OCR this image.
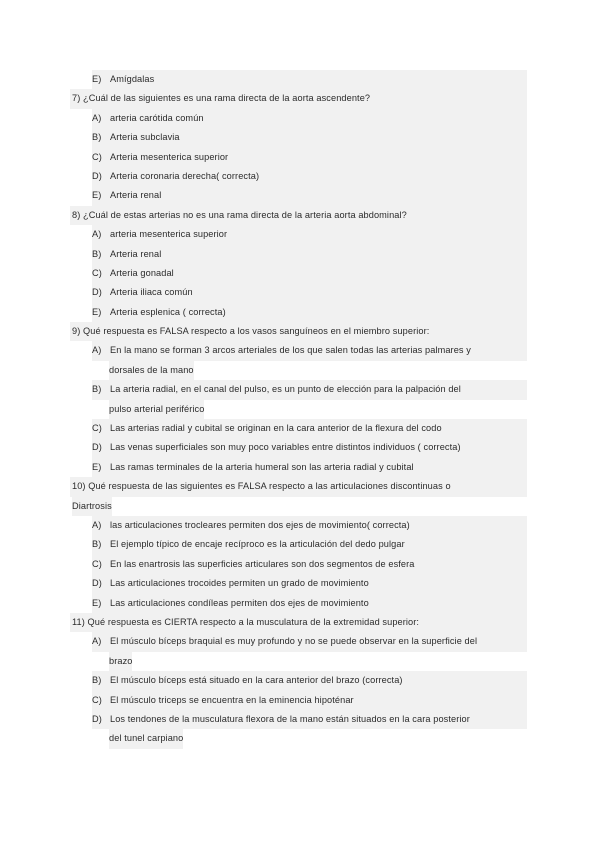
E) Amígdalas
7) ¿Cuál de las siguientes es una rama directa de la aorta ascendente?
A) arteria carótida común
B) Arteria subclavia
C) Arteria mesenterica superior
D) Arteria coronaria derecha( correcta)
E) Arteria renal
8) ¿Cuál de estas arterias no es una rama directa de la arteria aorta abdominal?
A) arteria mesenterica superior
B) Arteria renal
C) Arteria gonadal
D) Arteria iliaca común
E) Arteria esplenica ( correcta)
9) Qué respuesta es FALSA respecto a los vasos sanguíneos en el miembro superior:
A) En la mano se forman 3 arcos arteriales de los que salen todas las arterias palmares y
dorsales de la mano
B) La arteria radial, en el canal del pulso, es un punto de elección para la palpación del
pulso arterial periférico
C) Las arterias radial y cubital se originan en la cara anterior de la flexura del codo
D) Las venas superficiales son muy poco variables entre distintos individuos ( correcta)
E) Las ramas terminales de la arteria humeral son las arteria radial y cubital
10) Qué respuesta de las siguientes es FALSA respecto a las articulaciones discontinuas o
Diartrosis
A) las articulaciones trocleares permiten dos ejes de movimiento( correcta)
B) El ejemplo típico de encaje recíproco es la articulación del dedo pulgar
C) En las enartrosis las superficies articulares son dos segmentos de esfera
D) Las articulaciones trocoides permiten un grado de movimiento
E) Las articulaciones condíleas permiten dos ejes de movimiento
11) Qué respuesta es CIERTA respecto a la musculatura de la extremidad superior:
A) El músculo bíceps braquial es muy profundo y no se puede observar en la superficie del
brazo
B) El músculo bíceps está situado en la cara anterior del brazo (correcta)
C) El músculo triceps se encuentra en la eminencia hipoténar
D) Los tendones de la musculatura flexora de la mano están situados en la cara posterior
del tunel carpiano
